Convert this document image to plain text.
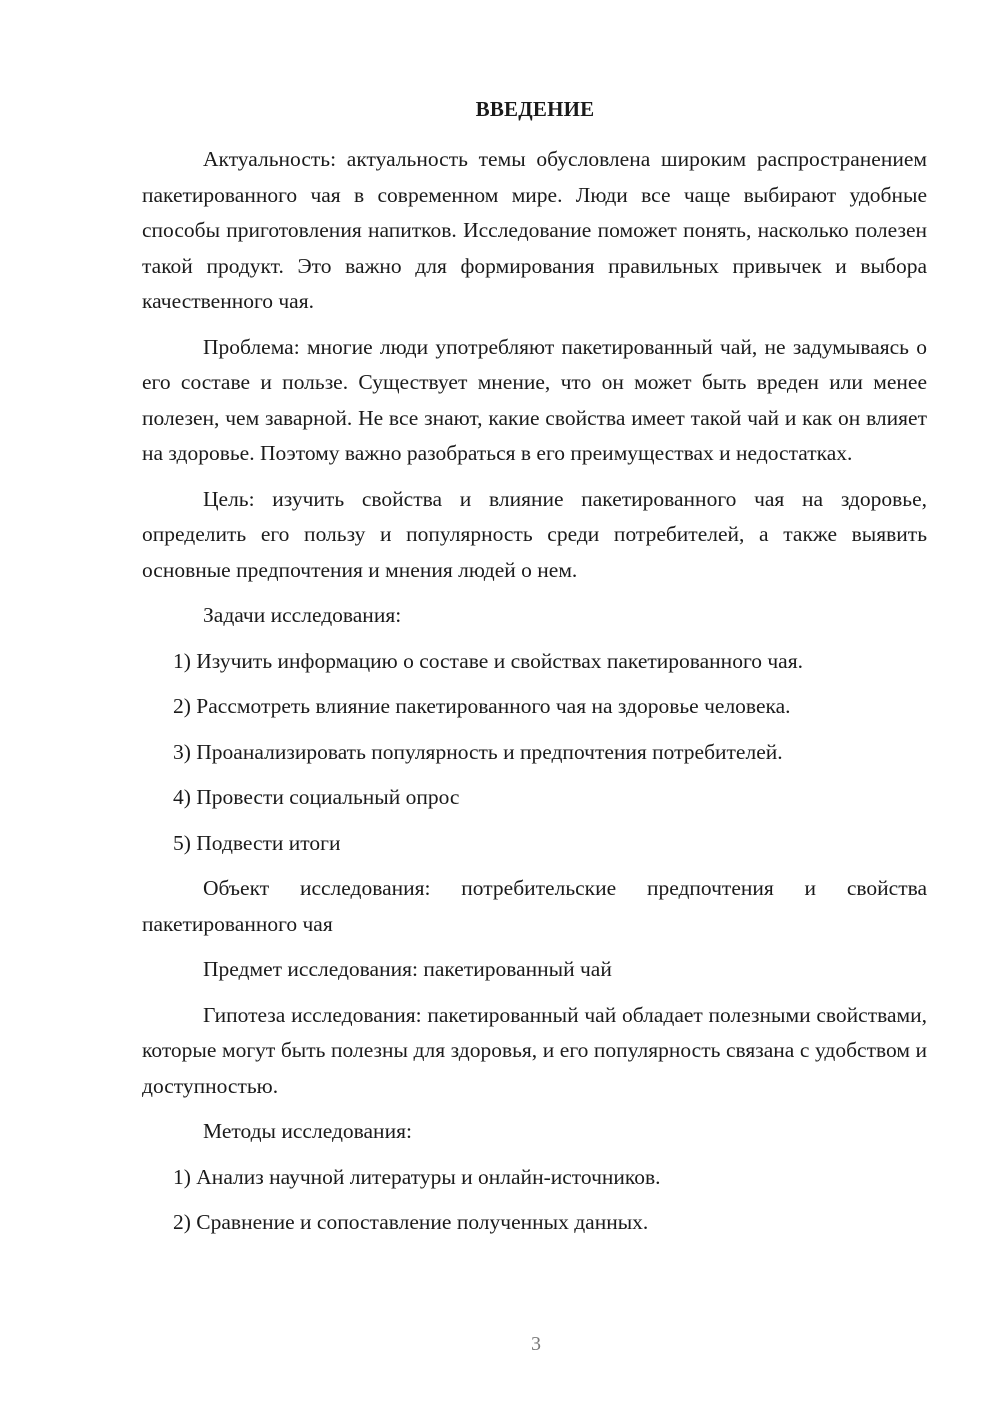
ВВЕДЕНИЕ

Актуальность: актуальность темы обусловлена широким распространением пакетированного чая в современном мире. Люди все чаще выбирают удобные способы приготовления напитков. Исследование поможет понять, насколько полезен такой продукт. Это важно для формирования правильных привычек и выбора качественного чая.

Проблема: многие люди употребляют пакетированный чай, не задумываясь о его составе и пользе. Существует мнение, что он может быть вреден или менее полезен, чем заварной. Не все знают, какие свойства имеет такой чай и как он влияет на здоровье. Поэтому важно разобраться в его преимуществах и недостатках.

Цель: изучить свойства и влияние пакетированного чая на здоровье, определить его пользу и популярность среди потребителей, а также выявить основные предпочтения и мнения людей о нем.

Задачи исследования:
1) Изучить информацию о составе и свойствах пакетированного чая.
2) Рассмотреть влияние пакетированного чая на здоровье человека.
3) Проанализировать популярность и предпочтения потребителей.
4) Провести социальный опрос
5) Подвести итоги

Объект исследования: потребительские предпочтения и свойства пакетированного чая

Предмет исследования: пакетированный чай

Гипотеза исследования: пакетированный чай обладает полезными свойствами, которые могут быть полезны для здоровья, и его популярность связана с удобством и доступностью.

Методы исследования:
1) Анализ научной литературы и онлайн-источников.
2) Сравнение и сопоставление полученных данных.
3
